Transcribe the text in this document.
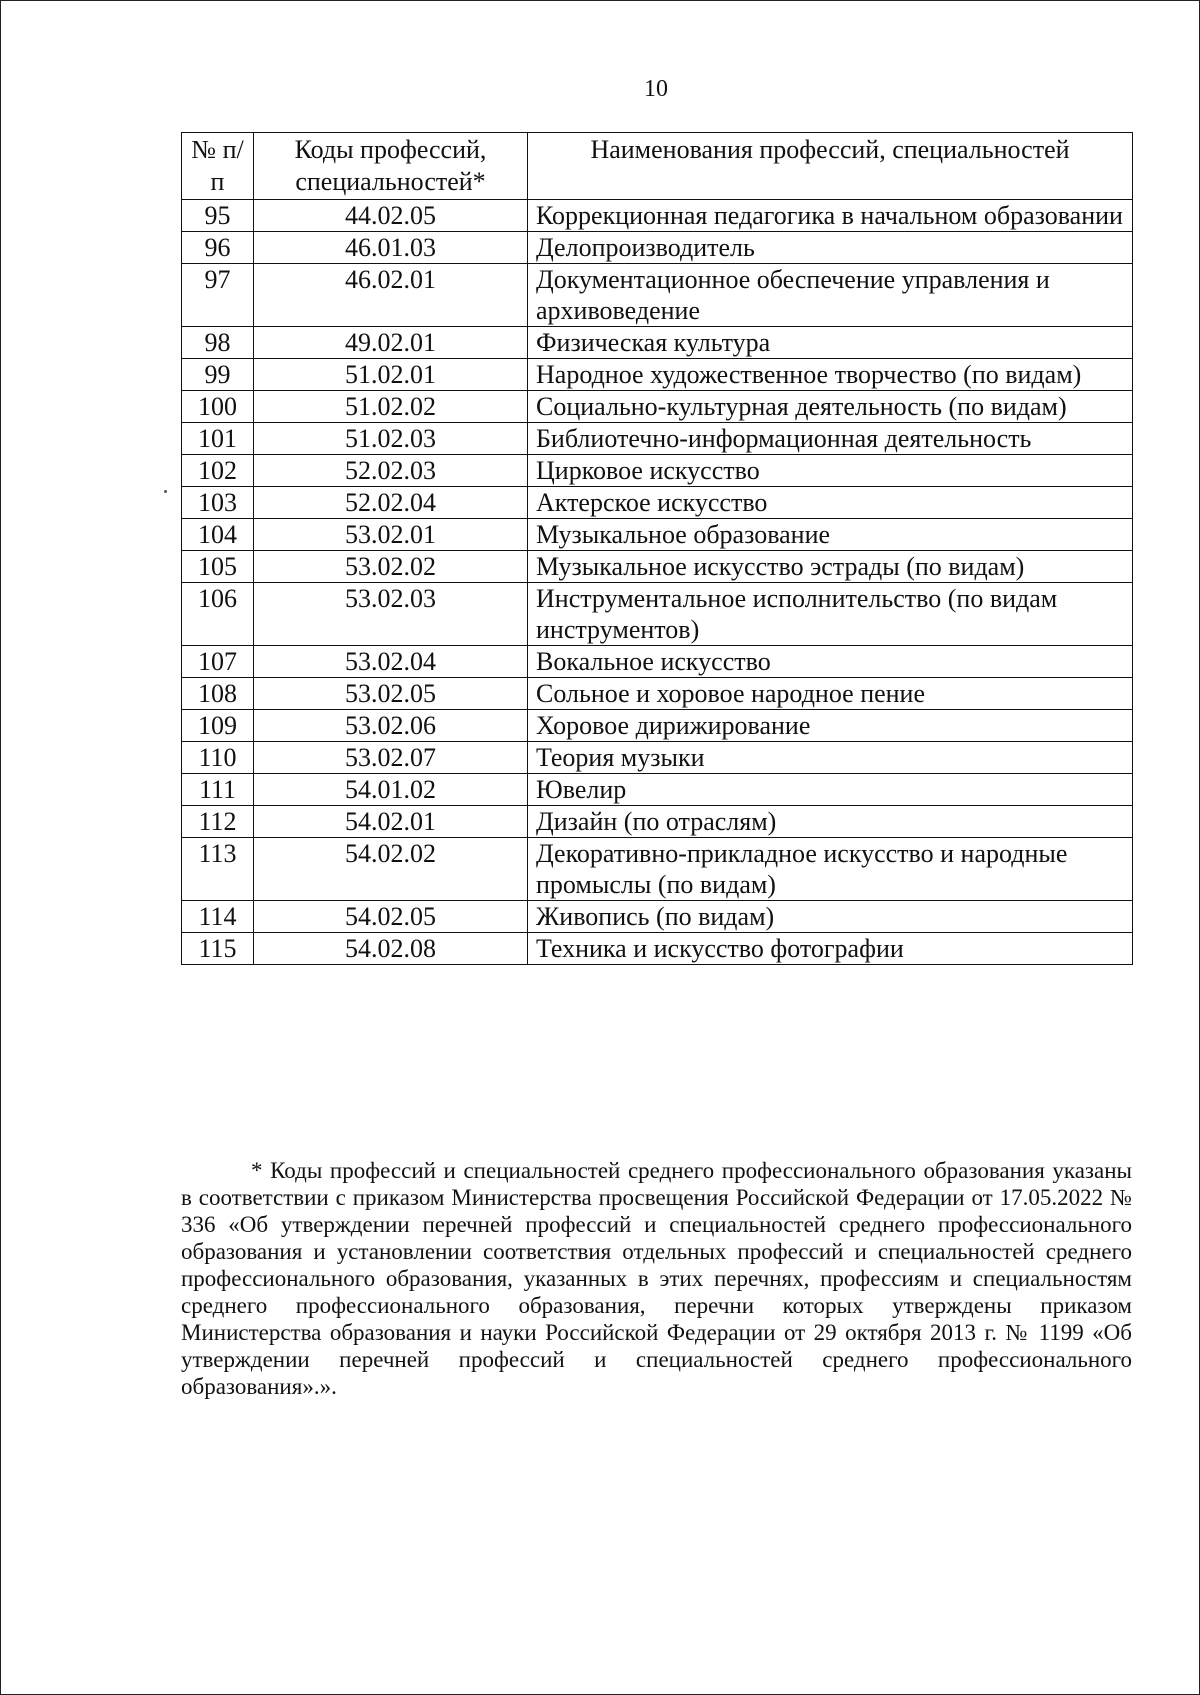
10
№ п/п	Коды профессий, специальностей*	Наименования профессий, специальностей
95	44.02.05	Коррекционная педагогика в начальном образовании
96	46.01.03	Делопроизводитель
97	46.02.01	Документационное обеспечение управления и архивоведение
98	49.02.01	Физическая культура
99	51.02.01	Народное художественное творчество (по видам)
100	51.02.02	Социально-культурная деятельность (по видам)
101	51.02.03	Библиотечно-информационная деятельность
102	52.02.03	Цирковое искусство
103	52.02.04	Актерское искусство
104	53.02.01	Музыкальное образование
105	53.02.02	Музыкальное искусство эстрады (по видам)
106	53.02.03	Инструментальное исполнительство (по видам инструментов)
107	53.02.04	Вокальное искусство
108	53.02.05	Сольное и хоровое народное пение
109	53.02.06	Хоровое дирижирование
110	53.02.07	Теория музыки
111	54.01.02	Ювелир
112	54.02.01	Дизайн (по отраслям)
113	54.02.02	Декоративно-прикладное искусство и народные промыслы (по видам)
114	54.02.05	Живопись (по видам)
115	54.02.08	Техника и искусство фотографии
* Коды профессий и специальностей среднего профессионального образования указаны в соответствии с приказом Министерства просвещения Российской Федерации от 17.05.2022 № 336 «Об утверждении перечней профессий и специальностей среднего профессионального образования и установлении соответствия отдельных профессий и специальностей среднего профессионального образования, указанных в этих перечнях, профессиям и специальностям среднего профессионального образования, перечни которых утверждены приказом Министерства образования и науки Российской Федерации от 29 октября 2013 г. № 1199 «Об утверждении перечней профессий и специальностей среднего профессионального образования».».
